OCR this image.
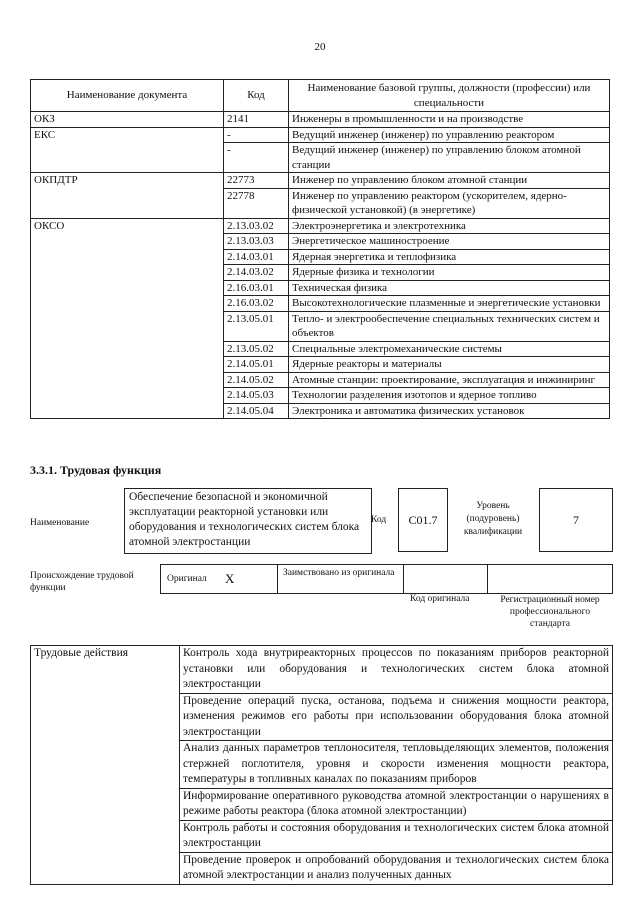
20
Наименование документа	Код	Наименование базовой группы, должности (профессии) или специальности
ОКЗ	2141	Инженеры в промышленности и на производстве
ЕКС	-	Ведущий инженер (инженер) по управлению реактором
	-	Ведущий инженер (инженер) по управлению блоком атомной станции
ОКПДТР	22773	Инженер по управлению блоком атомной станции
	22778	Инженер по управлению реактором (ускорителем, ядерно-физической установкой) (в энергетике)
ОКСО	2.13.03.02	Электроэнергетика и электротехника
	2.13.03.03	Энергетическое машиностроение
	2.14.03.01	Ядерная энергетика и теплофизика
	2.14.03.02	Ядерные физика и технологии
	2.16.03.01	Техническая физика
	2.16.03.02	Высокотехнологические плазменные и энергетические установки
	2.13.05.01	Тепло- и электрообеспечение специальных технических систем и объектов
	2.13.05.02	Специальные электромеханические системы
	2.14.05.01	Ядерные реакторы и материалы
	2.14.05.02	Атомные станции: проектирование, эксплуатация и инжиниринг
	2.14.05.03	Технологии разделения изотопов и ядерное топливо
	2.14.05.04	Электроника и автоматика физических установок
3.3.1. Трудовая функция
Наименование
Обеспечение безопасной и экономичной эксплуатации реакторной установки или оборудования и технологических систем блока атомной электростанции
Код	C01.7
Уровень (подуровень) квалификации
7
Происхождение трудовой функции
Оригинал X	Заимствовано из оригинала
Код оригинала	Регистрационный номер профессионального стандарта
Трудовые действия	Контроль хода внутриреакторных процессов по показаниям приборов реакторной установки или оборудования и технологических систем блока атомной электростанции
Проведение операций пуска, останова, подъема и снижения мощности реактора, изменения режимов его работы при использовании оборудования блока атомной электростанции
Анализ данных параметров теплоносителя, тепловыделяющих элементов, положения стержней поглотителя, уровня и скорости изменения мощности реактора, температуры в топливных каналах по показаниям приборов
Информирование оперативного руководства атомной электростанции о нарушениях в режиме работы реактора (блока атомной электростанции)
Контроль работы и состояния оборудования и технологических систем блока атомной электростанции
Проведение проверок и опробований оборудования и технологических систем блока атомной электростанции и анализ полученных данных
